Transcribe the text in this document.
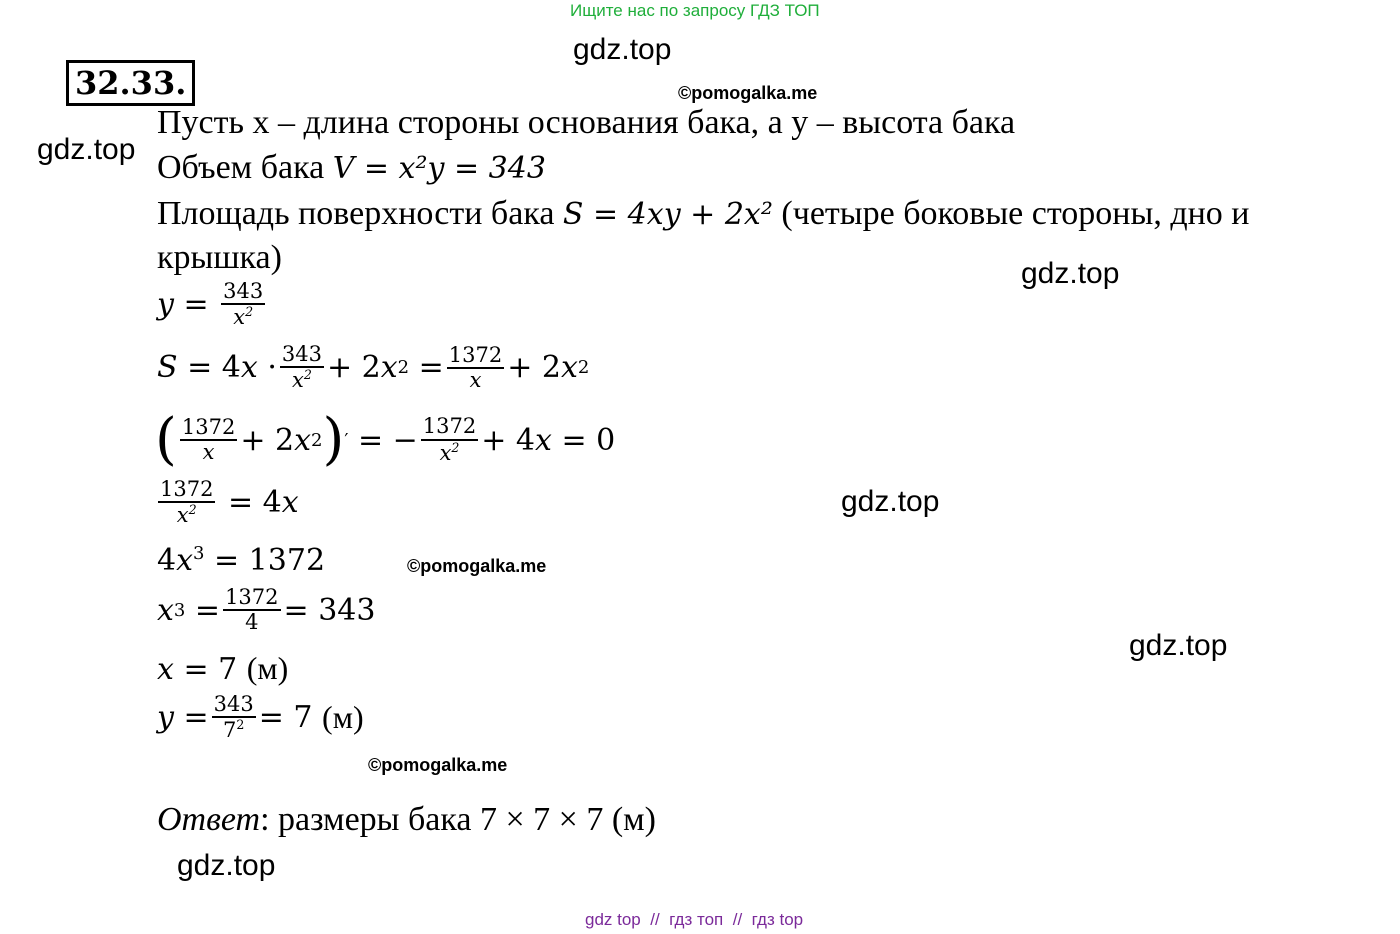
Ищите нас по запросу ГДЗ ТОП
gdz.top
gdz.top
gdz.top
gdz.top
gdz.top
gdz.top
©pomogalka.me
©pomogalka.me
©pomogalka.me
32.33.
Пусть x – длина стороны основания бака, а y – высота бака
Объем бака V = x²y = 343
Площадь поверхности бака S = 4xy + 2x² (четыре боковые стороны, дно и
крышка)
$y = \frac{343}{x^2}$
S = 4 $x \cdot \frac{343}{x^2} + 2$ x $2 = \frac{1372}{x} + 2$ x 2
( $\frac{1372}{x} + 2$ x 2 ) ′ = − $\frac{1372}{x^2} + 4$ x = 0
$\frac{1372}{x^2} = 4$ x
$4x^3 = 1372$
x $3 = \frac{1372}{4} = 343$
x = 7 (м)
$y = \frac{343}{7^2} = 7$ (м)
Ответ: размеры бака 7 × 7 × 7 (м)
gdz top // гдз топ // гдз top
